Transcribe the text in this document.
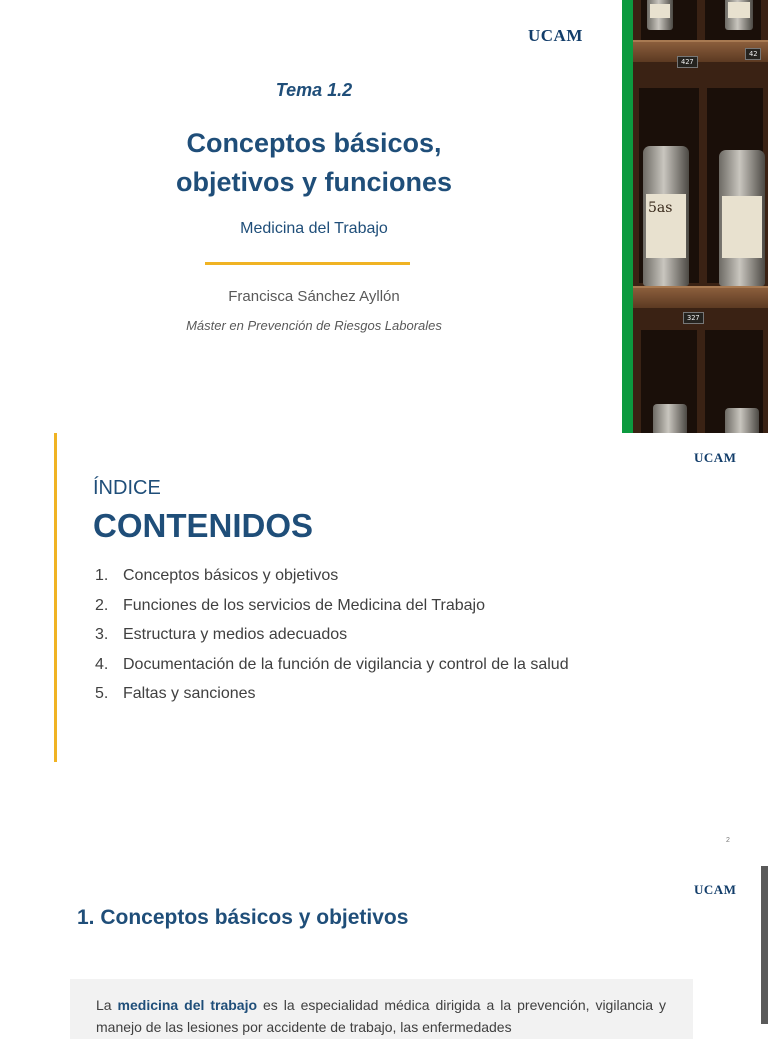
UCAM
Tema 1.2
Conceptos básicos,
objetivos y funciones
Medicina del Trabajo
Francisca Sánchez Ayllón
Máster en Prevención de Riesgos Laborales
427
42
5as
327
UCAM
ÍNDICE
CONTENIDOS
1. Conceptos básicos y objetivos
2. Funciones de los servicios de Medicina del Trabajo
3. Estructura y medios adecuados
4. Documentación de la función de vigilancia y control de la salud
5. Faltas y sanciones
2
UCAM
1. Conceptos básicos y objetivos
La medicina del trabajo es la especialidad médica dirigida a la prevención, vigilancia y manejo de las lesiones por accidente de trabajo, las enfermedades
